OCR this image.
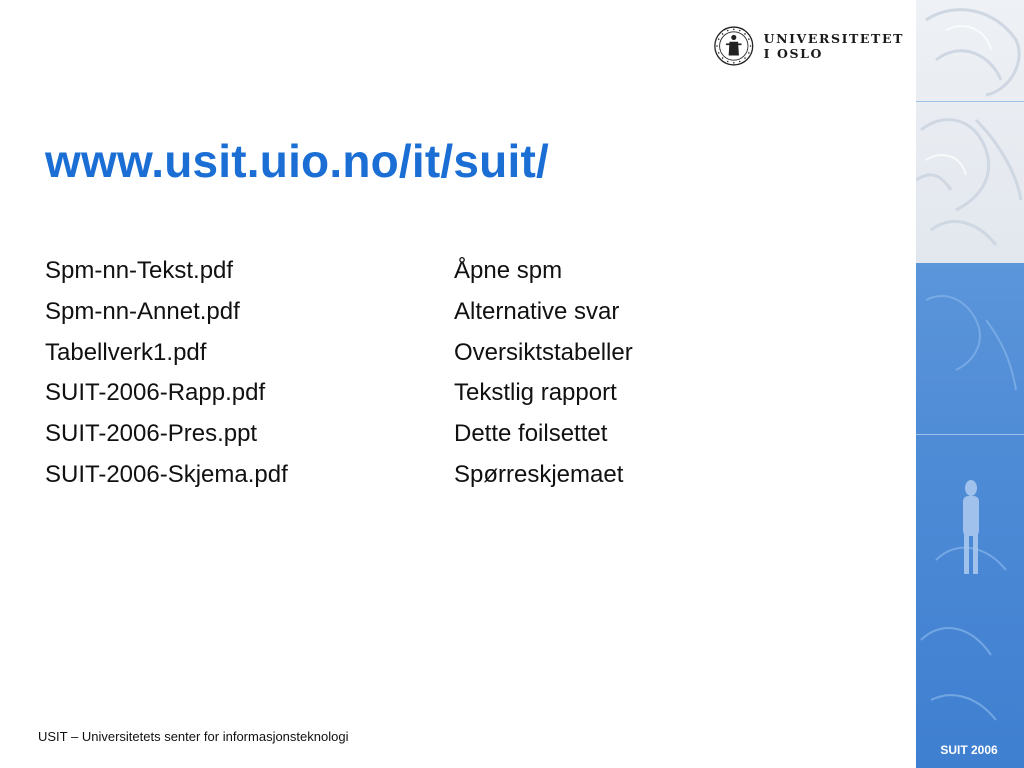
UNIVERSITETET
I OSLO
www.usit.uio.no/it/suit/
Spm-nn-Tekst.pdf
Spm-nn-Annet.pdf
Tabellverk1.pdf
SUIT-2006-Rapp.pdf
SUIT-2006-Pres.ppt
SUIT-2006-Skjema.pdf
Åpne spm
Alternative svar
Oversiktstabeller
Tekstlig rapport
Dette foilsettet
Spørreskjemaet
USIT – Universitetets senter for informasjonsteknologi
SUIT 2006
